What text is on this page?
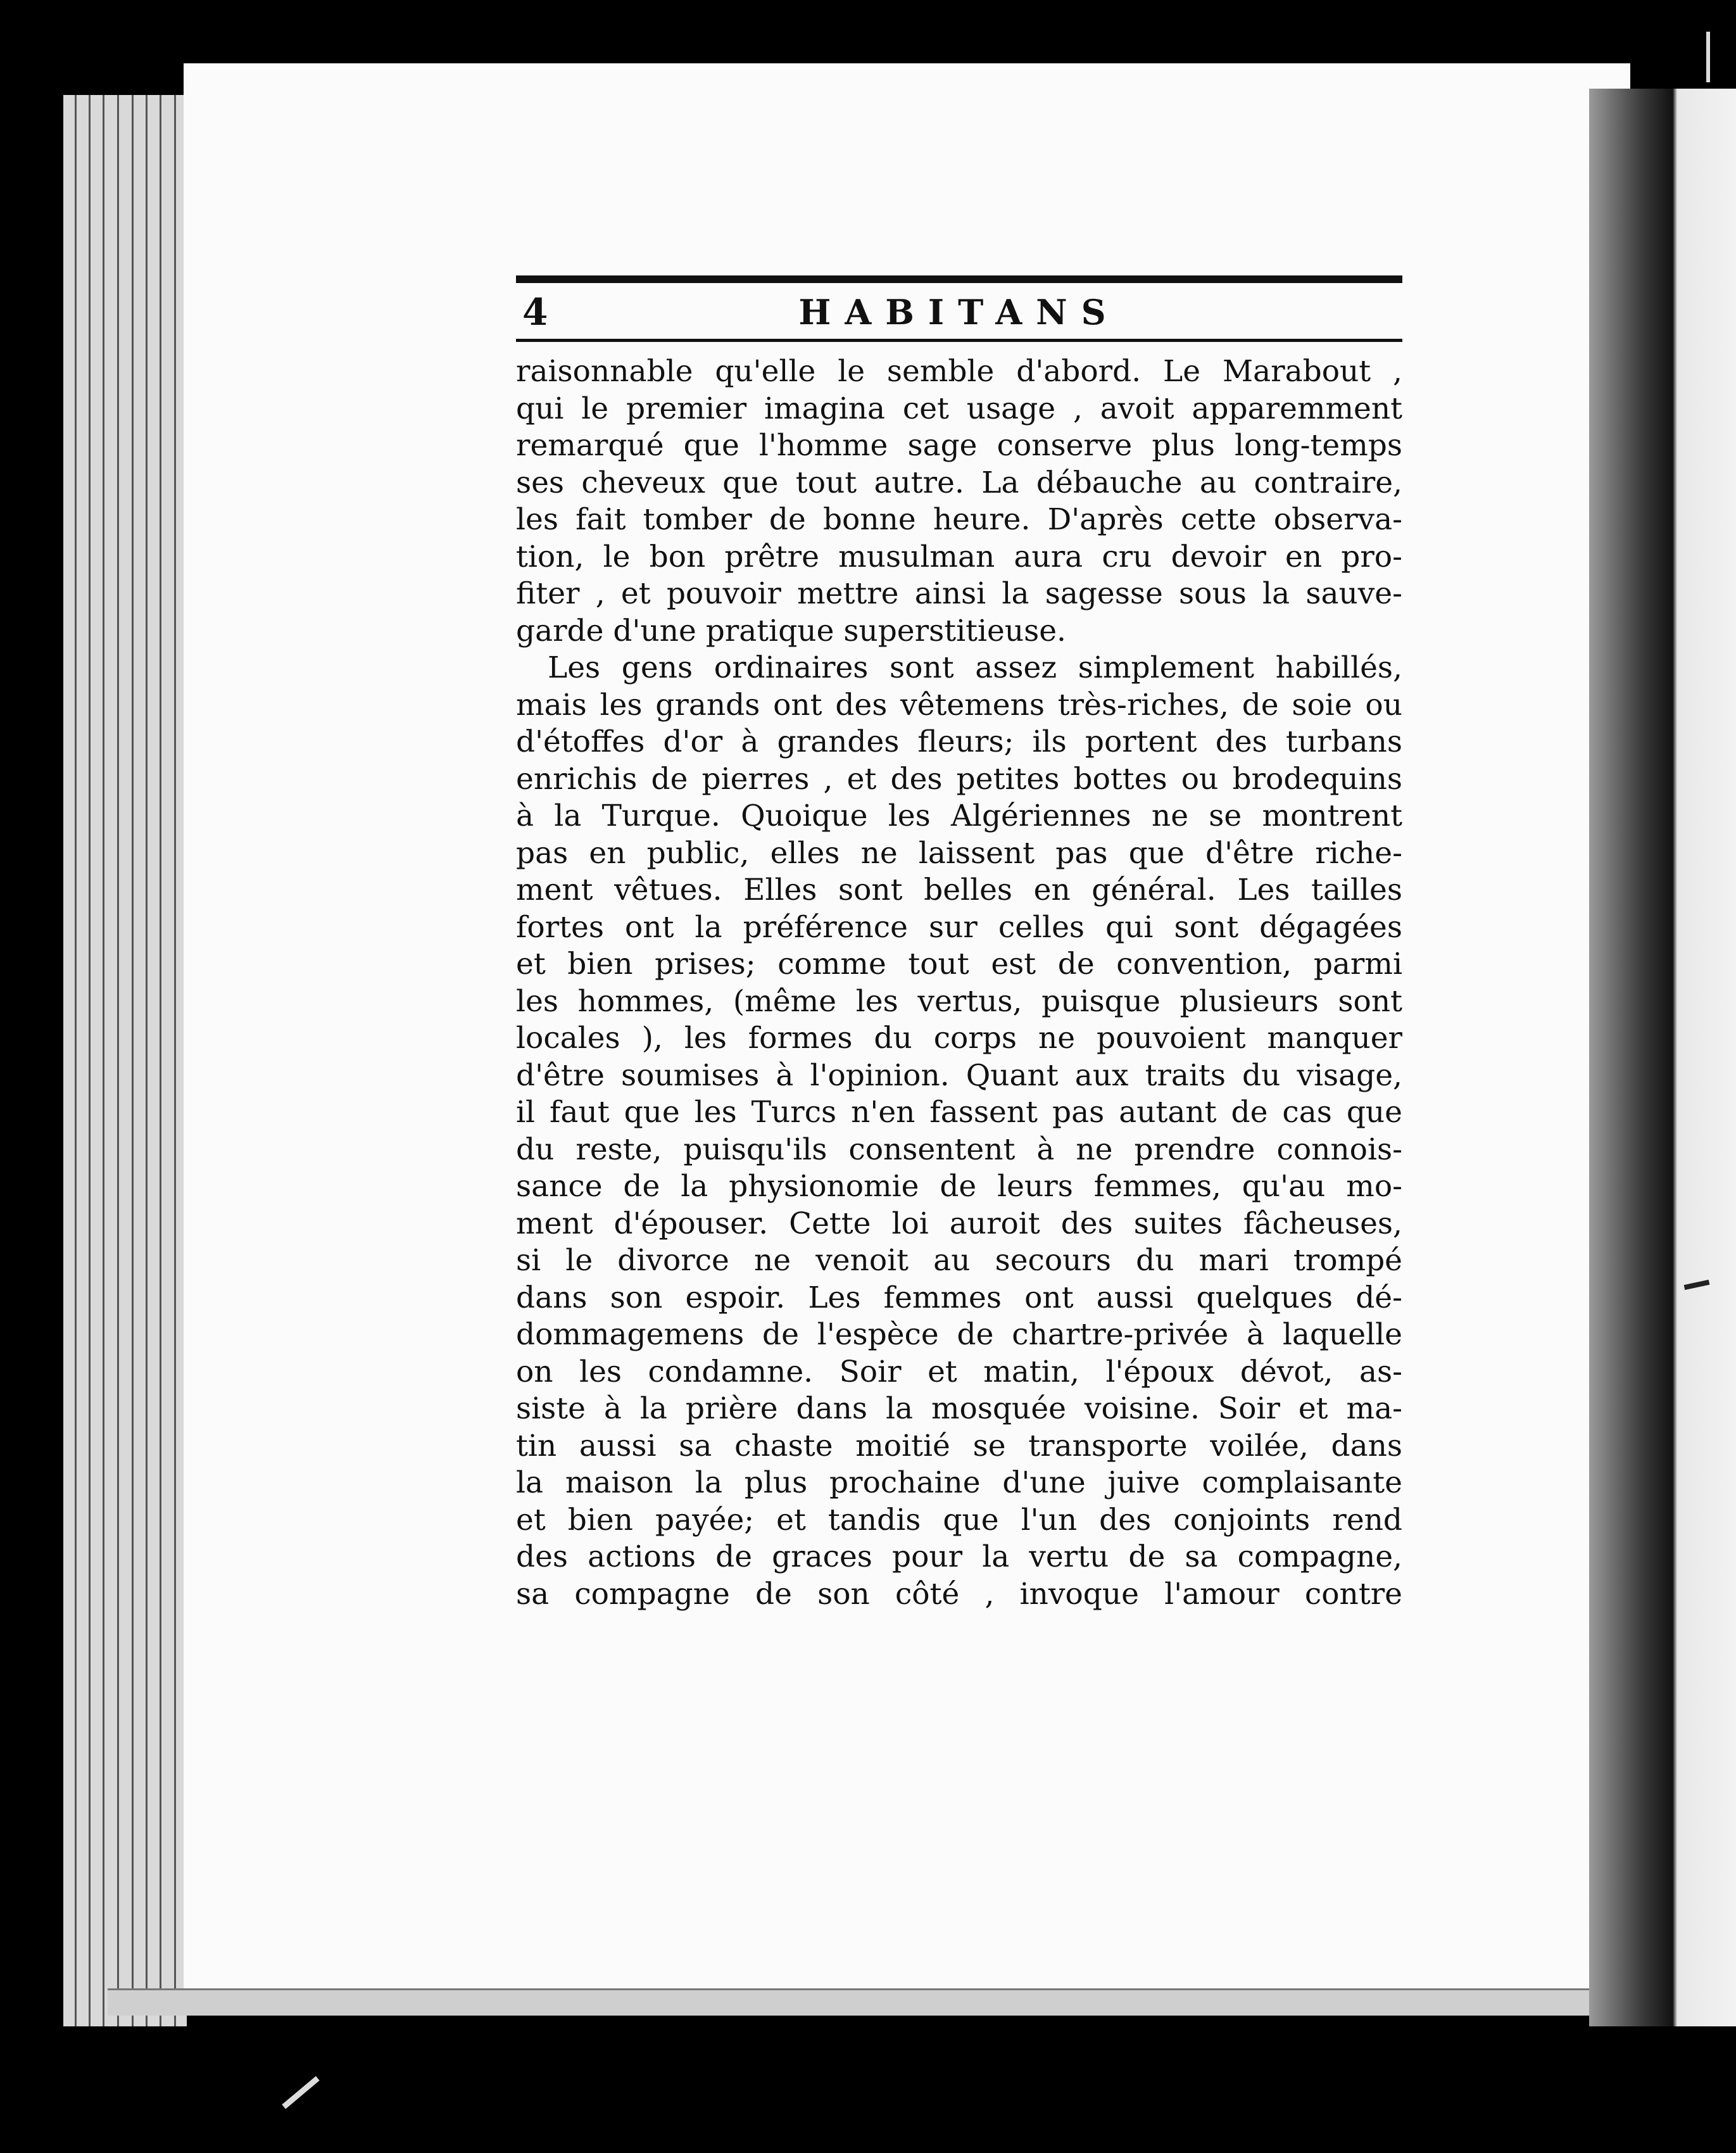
4	HABITANS
raisonnable qu'elle le semble d'abord. Le Marabout ,
qui le premier imagina cet usage , avoit apparemment
remarqué que l'homme sage conserve plus long-temps
ses cheveux que tout autre. La débauche au contraire,
les fait tomber de bonne heure. D'après cette observa-
tion, le bon prêtre musulman aura cru devoir en pro-
fiter , et pouvoir mettre ainsi la sagesse sous la sauve-
garde d'une pratique superstitieuse.
Les gens ordinaires sont assez simplement habillés,
mais les grands ont des vêtemens très-riches, de soie ou
d'étoffes d'or à grandes fleurs; ils portent des turbans
enrichis de pierres , et des petites bottes ou brodequins
à la Turque. Quoique les Algériennes ne se montrent
pas en public, elles ne laissent pas que d'être riche-
ment vêtues. Elles sont belles en général. Les tailles
fortes ont la préférence sur celles qui sont dégagées
et bien prises; comme tout est de convention, parmi
les hommes, (même les vertus, puisque plusieurs sont
locales ), les formes du corps ne pouvoient manquer
d'être soumises à l'opinion. Quant aux traits du visage,
il faut que les Turcs n'en fassent pas autant de cas que
du reste, puisqu'ils consentent à ne prendre connois-
sance de la physionomie de leurs femmes, qu'au mo-
ment d'épouser. Cette loi auroit des suites fâcheuses,
si le divorce ne venoit au secours du mari trompé
dans son espoir. Les femmes ont aussi quelques dé-
dommagemens de l'espèce de chartre-privée à laquelle
on les condamne. Soir et matin, l'époux dévot, as-
siste à la prière dans la mosquée voisine. Soir et ma-
tin aussi sa chaste moitié se transporte voilée, dans
la maison la plus prochaine d'une juive complaisante
et bien payée; et tandis que l'un des conjoints rend
des actions de graces pour la vertu de sa compagne,
sa compagne de son côté , invoque l'amour contre
